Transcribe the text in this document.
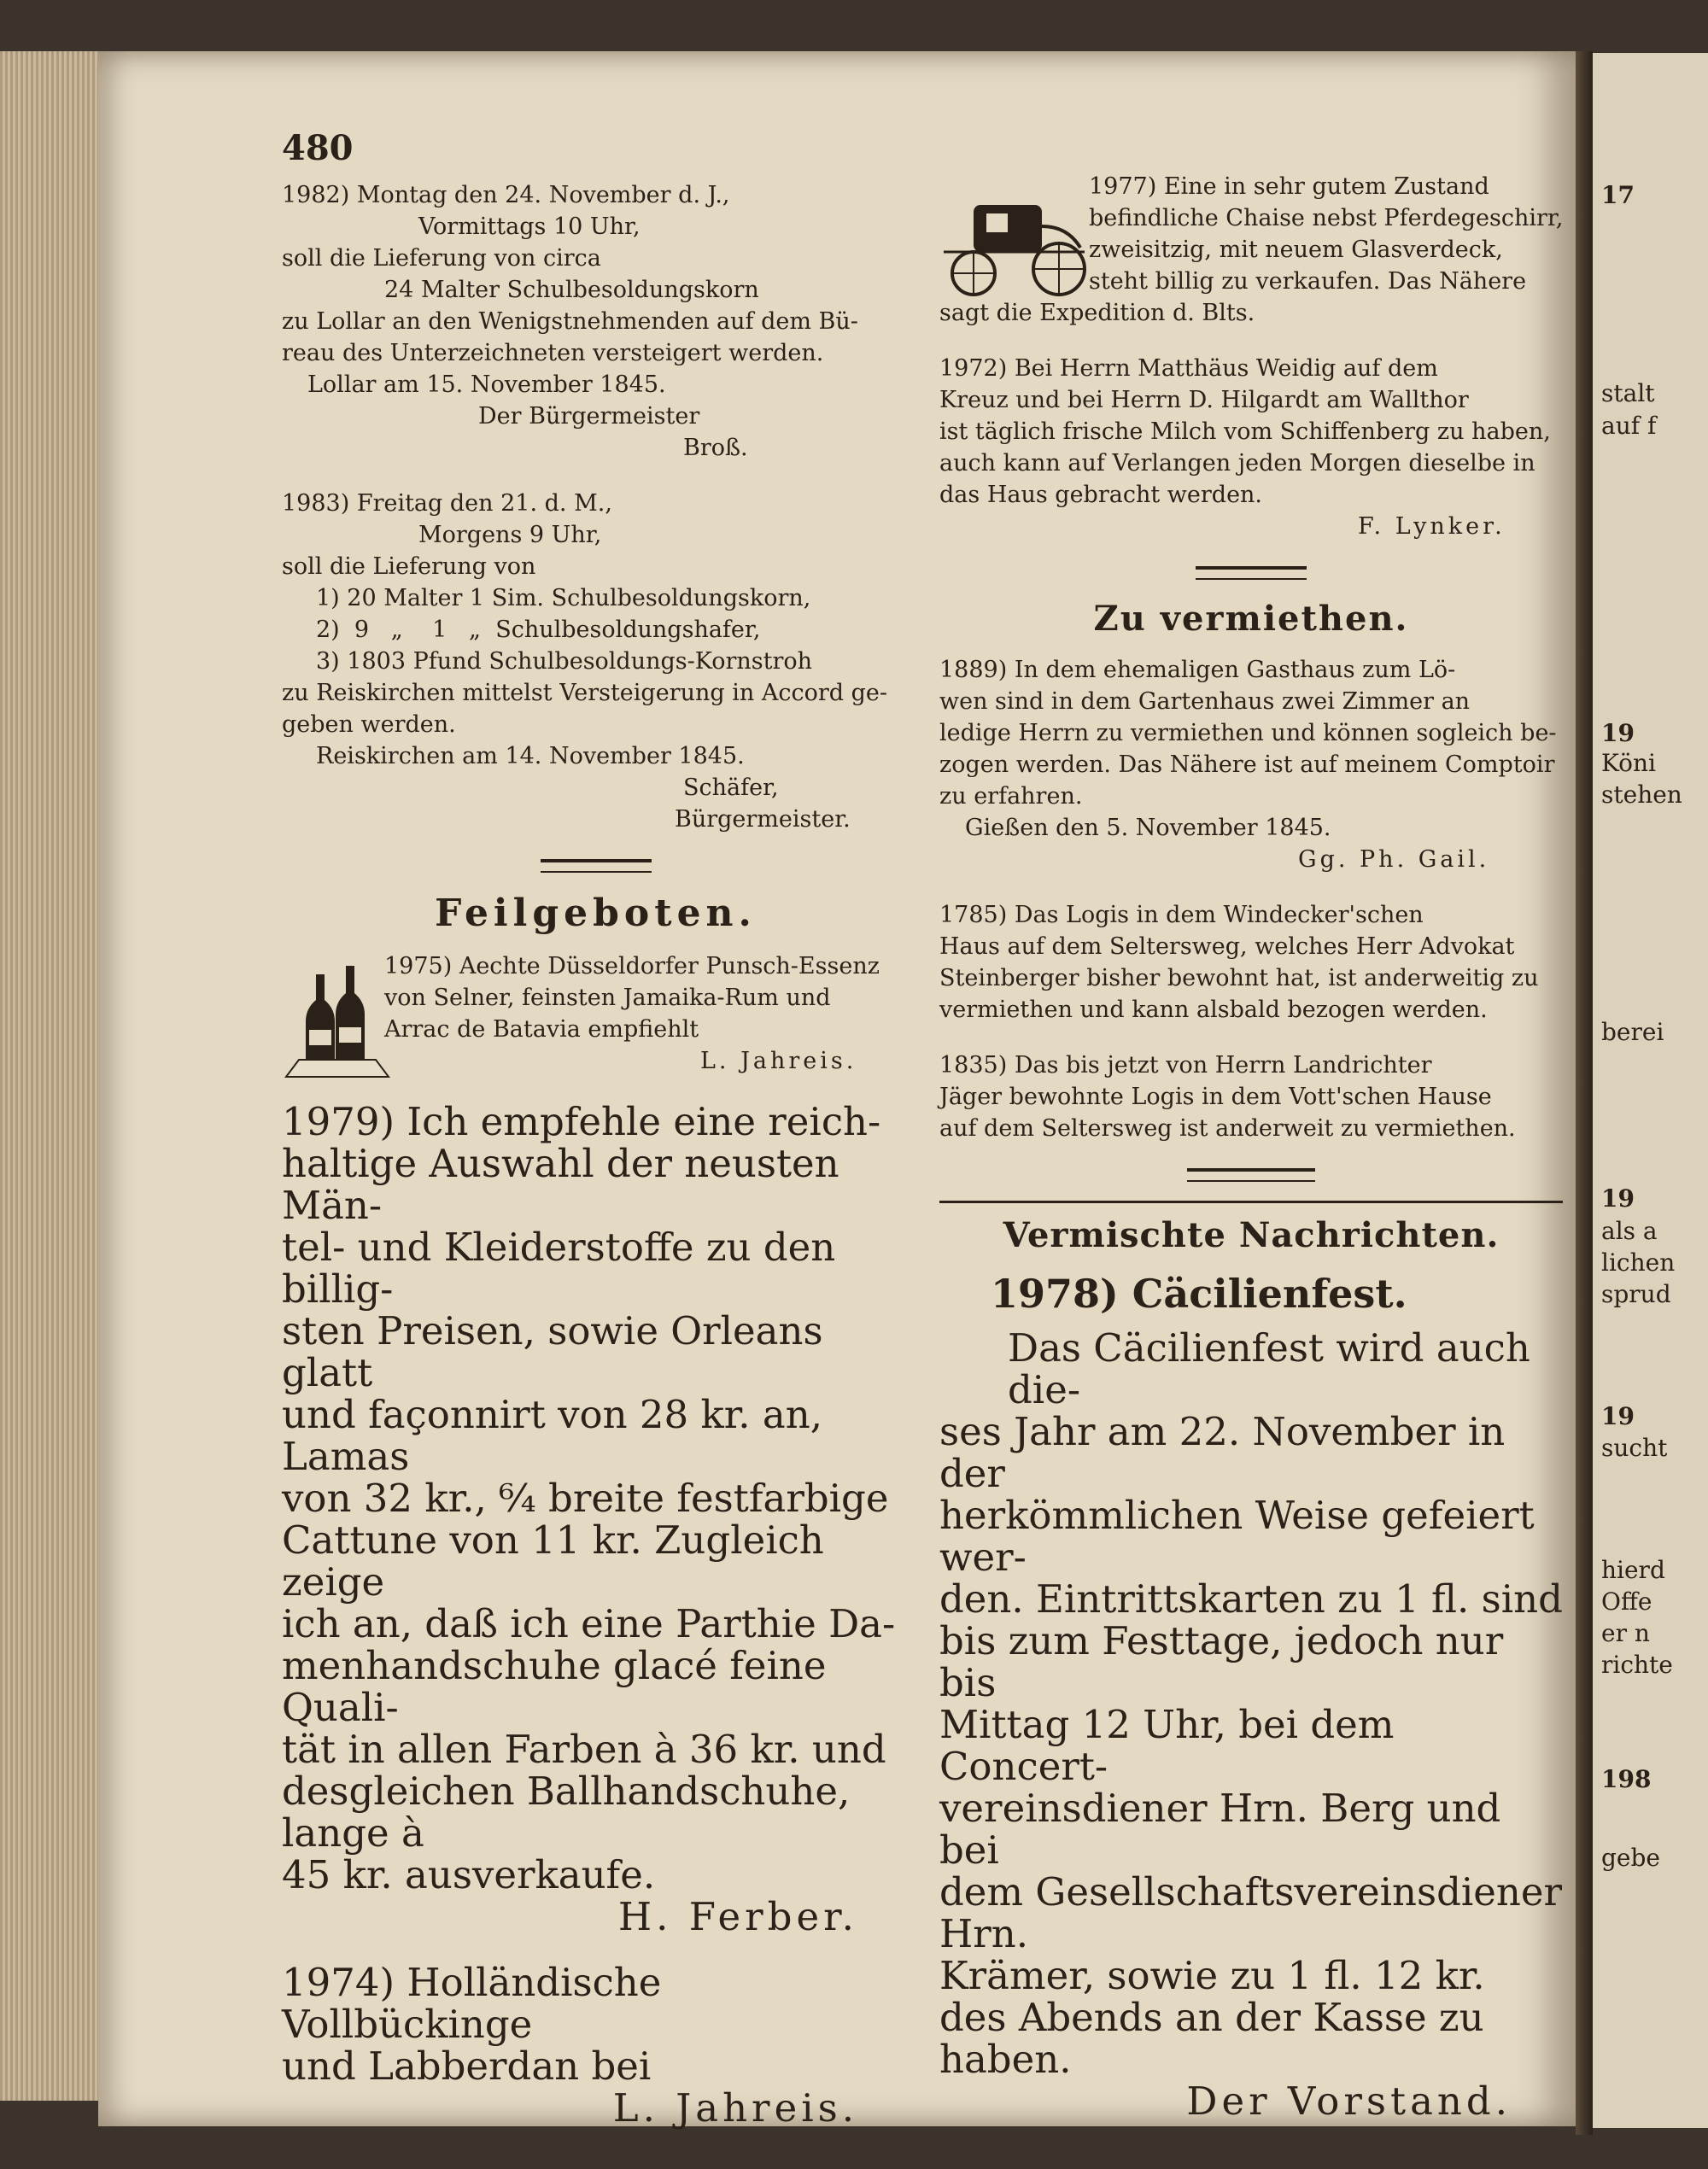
17
stalt
auf f
19
Köni
stehen
berei
19
als a
lichen
sprud
19
sucht
hierd
Offe
er n
richte
198
gebe
480
1982) Montag den 24. November d. J.,
Vormittags 10 Uhr,
soll die Lieferung von circa
24 Malter Schulbesoldungskorn
zu Lollar an den Wenigstnehmenden auf dem Bü-
reau des Unterzeichneten versteigert werden.
Lollar am 15. November 1845.
Der Bürgermeister
Broß.
1983) Freitag den 21. d. M.,
Morgens 9 Uhr,
soll die Lieferung von
1) 20 Malter 1 Sim. Schulbesoldungskorn,
2)  9   „    1   „  Schulbesoldungshafer,
3) 1803 Pfund Schulbesoldungs-Kornstroh
zu Reiskirchen mittelst Versteigerung in Accord ge-
geben werden.
Reiskirchen am 14. November 1845.
Schäfer,
Bürgermeister.
Feilgeboten.
1975) Aechte Düsseldorfer Punsch-Essenz
von Selner, feinsten Jamaika-Rum und
Arrac de Batavia empfiehlt
L. Jahreis.

1979) Ich empfehle eine reich-

haltige Auswahl der neusten Män-

tel- und Kleiderstoffe zu den billig-

sten Preisen, sowie Orleans glatt

und façonnirt von 28 kr. an, Lamas

von 32 kr., ⁶⁄₄ breite festfarbige

Cattune von 11 kr. Zugleich zeige

ich an, daß ich eine Parthie Da-

menhandschuhe glacé feine Quali-

tät in allen Farben à 36 kr. und

desgleichen Ballhandschuhe, lange à

45 kr. ausverkaufe.

H. Ferber.

1974) Holländische Vollbückinge

und Labberdan bei

L. Jahreis.

1977) Eine in sehr gutem Zustand
befindliche Chaise nebst Pferdegeschirr,
zweisitzig, mit neuem Glasverdeck,
steht billig zu verkaufen. Das Nähere
sagt die Expedition d. Blts.
1972) Bei Herrn Matthäus Weidig auf dem
Kreuz und bei Herrn D. Hilgardt am Wallthor
ist täglich frische Milch vom Schiffenberg zu haben,
auch kann auf Verlangen jeden Morgen dieselbe in
das Haus gebracht werden.
F. Lynker.
Zu vermiethen.
1889) In dem ehemaligen Gasthaus zum Lö-
wen sind in dem Gartenhaus zwei Zimmer an
ledige Herrn zu vermiethen und können sogleich be-
zogen werden. Das Nähere ist auf meinem Comptoir
zu erfahren.
Gießen den 5. November 1845.
Gg. Ph. Gail.
1785) Das Logis in dem Windecker'schen
Haus auf dem Seltersweg, welches Herr Advokat
Steinberger bisher bewohnt hat, ist anderweitig zu
vermiethen und kann alsbald bezogen werden.
1835) Das bis jetzt von Herrn Landrichter
Jäger bewohnte Logis in dem Vott'schen Hause
auf dem Seltersweg ist anderweit zu vermiethen.
Vermischte Nachrichten.
1978) Cäcilienfest.

Das Cäcilienfest wird auch die-

ses Jahr am 22. November in der

herkömmlichen Weise gefeiert wer-

den. Eintrittskarten zu 1 fl. sind

bis zum Festtage, jedoch nur bis

Mittag 12 Uhr, bei dem Concert-

vereinsdiener Hrn. Berg und bei

dem Gesellschaftsvereinsdiener Hrn.

Krämer, sowie zu 1 fl. 12 kr.

des Abends an der Kasse zu haben.

Der Vorstand.
